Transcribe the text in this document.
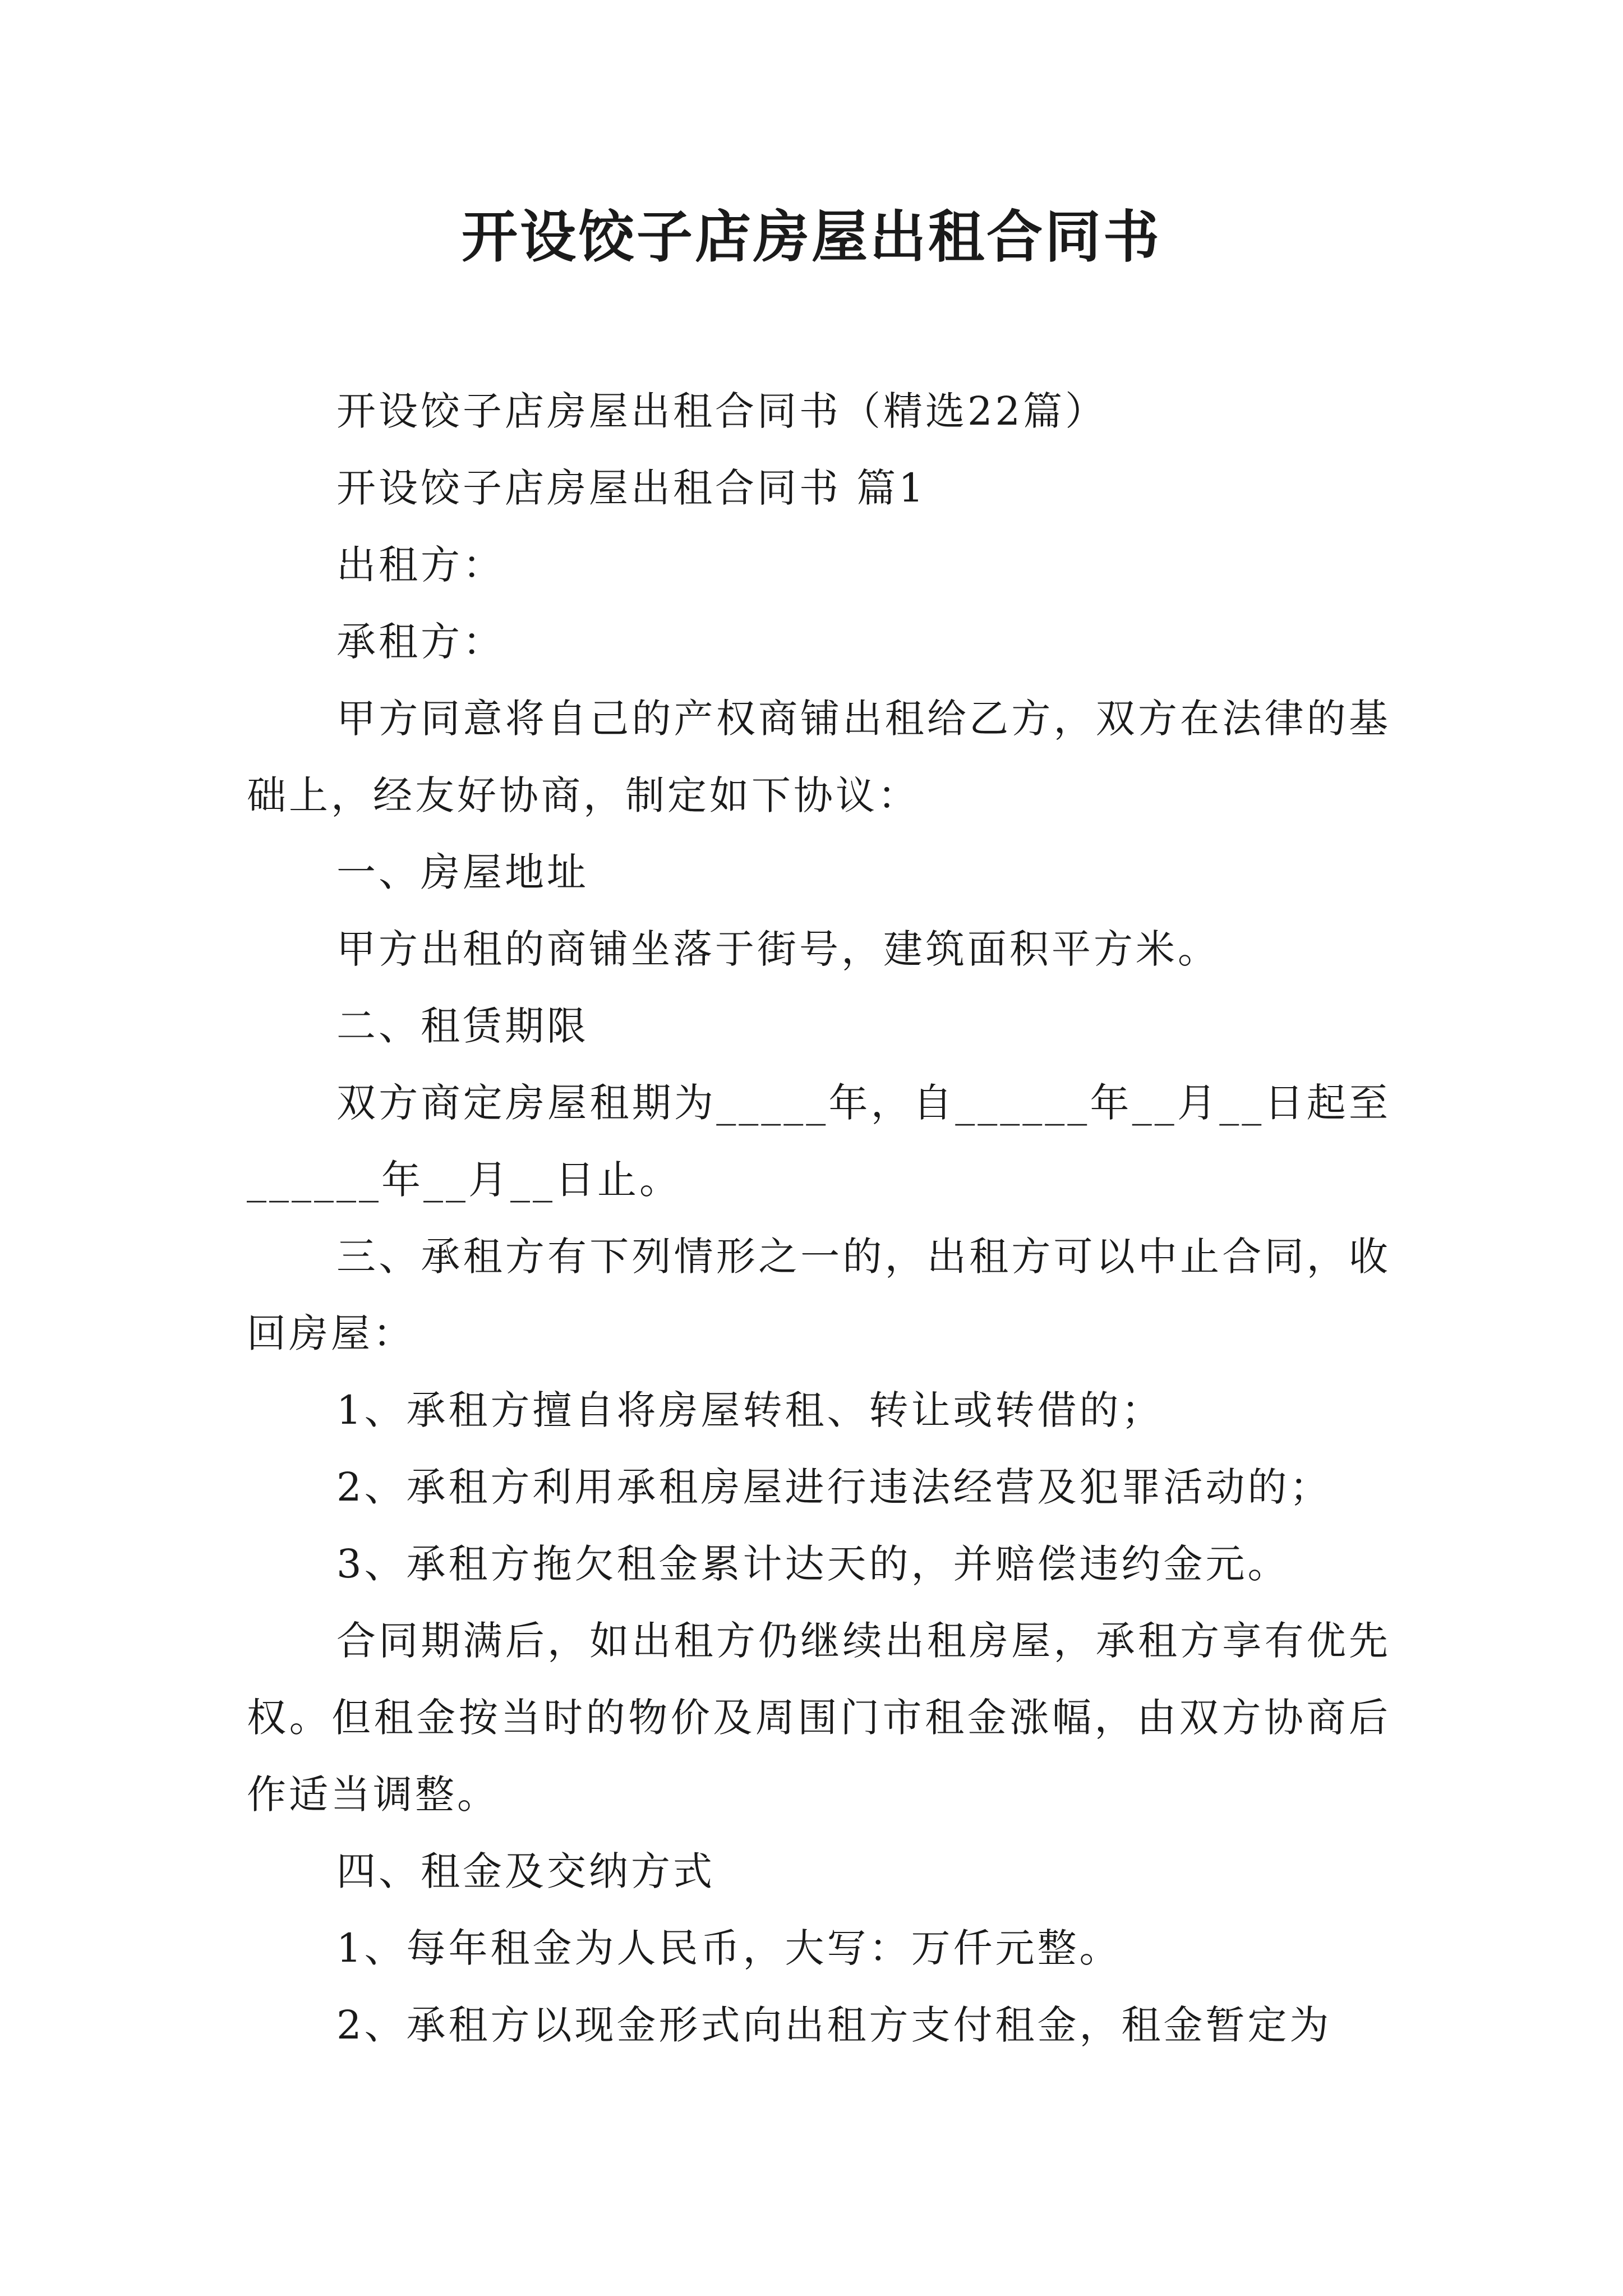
开设饺子店房屋出租合同书

开设饺子店房屋出租合同书（精选22篇）

开设饺子店房屋出租合同书 篇1

出租方：

承租方：

甲方同意将自己的产权商铺出租给乙方，双方在法律的基础上，经友好协商，制定如下协议：

一、房屋地址

甲方出租的商铺坐落于街号，建筑面积平方米。

二、租赁期限

双方商定房屋租期为_____年，自______年__月__日起至______年__月__日止。

三、承租方有下列情形之一的，出租方可以中止合同，收回房屋：

1、承租方擅自将房屋转租、转让或转借的；

2、承租方利用承租房屋进行违法经营及犯罪活动的；

3、承租方拖欠租金累计达天的，并赔偿违约金元。

合同期满后，如出租方仍继续出租房屋，承租方享有优先权。但租金按当时的物价及周围门市租金涨幅，由双方协商后作适当调整。

四、租金及交纳方式

1、每年租金为人民币，大写：万仟元整。

2、承租方以现金形式向出租方支付租金，租金暂定为
